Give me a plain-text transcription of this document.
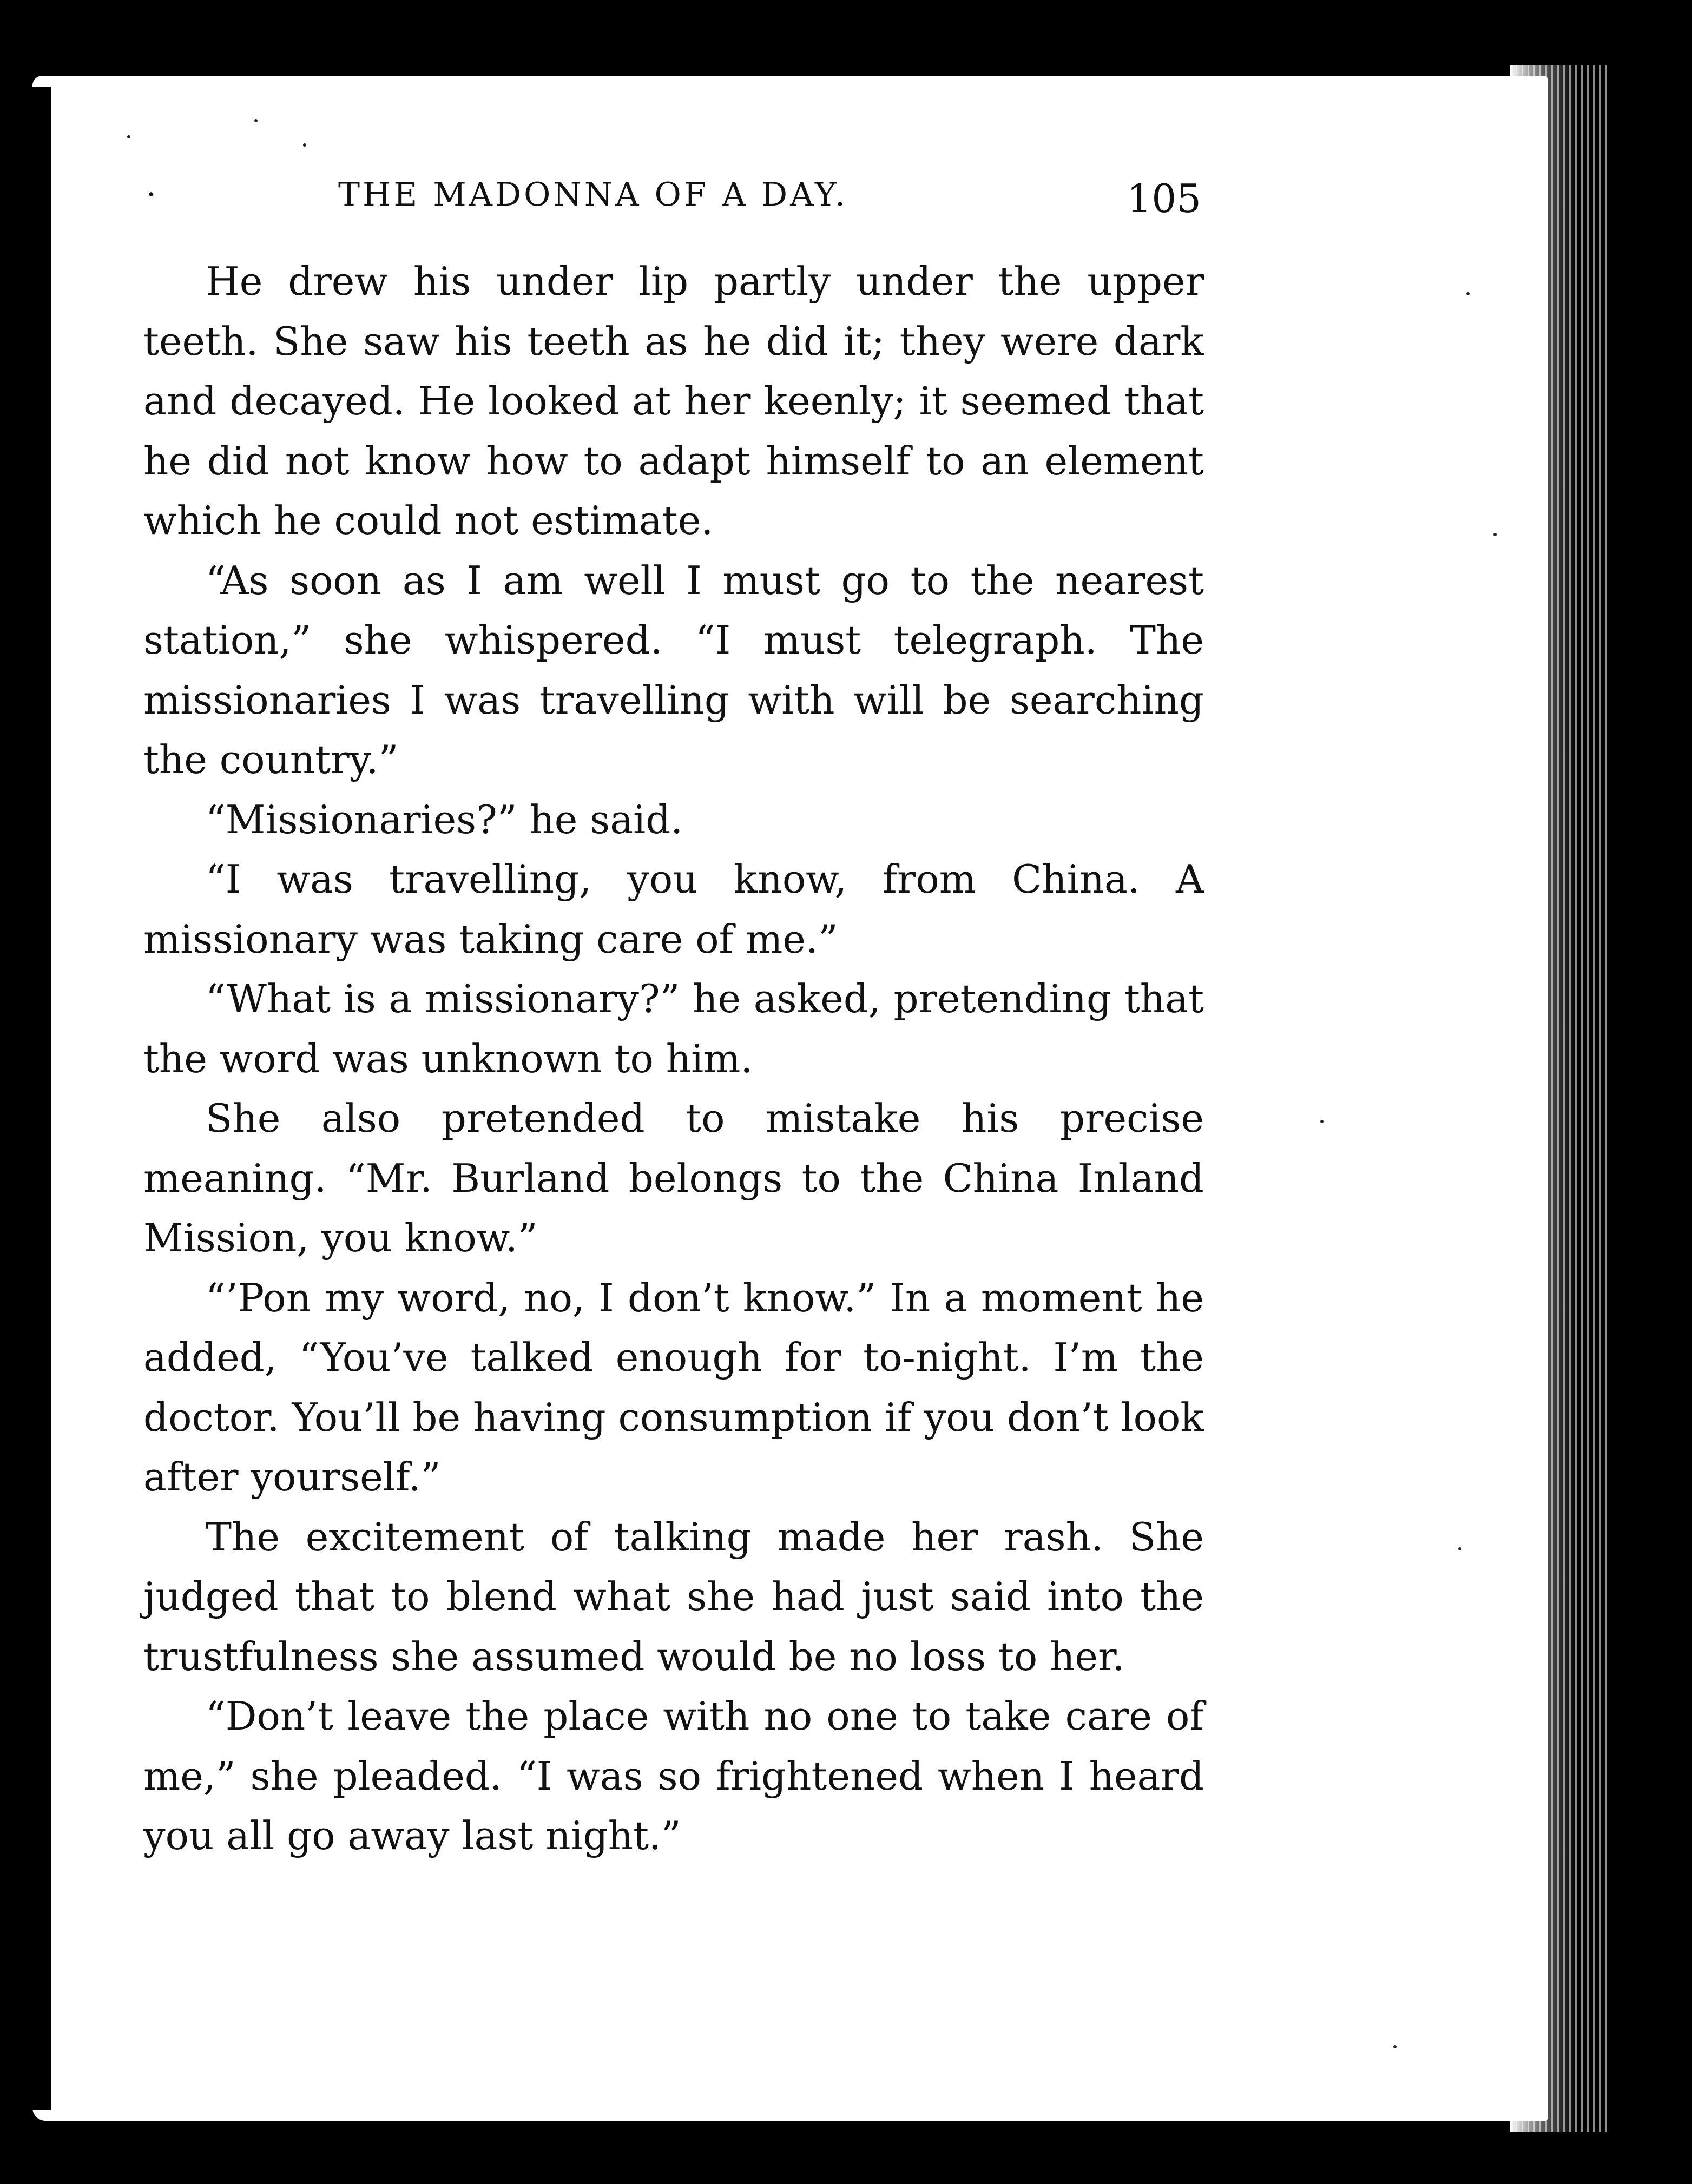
·	THE MADONNA OF A DAY.	105

He drew his under lip partly under the upper teeth. She saw his teeth as he did it; they were dark and decayed. He looked at her keenly; it seemed that he did not know how to adapt himself to an element which he could not estimate.

“As soon as I am well I must go to the nearest station,” she whispered. “I must telegraph. The missionaries I was travelling with will be searching the country.”

“Missionaries?” he said.

“I was travelling, you know, from China. A missionary was taking care of me.”

“What is a missionary?” he asked, pretending that the word was unknown to him.

She also pretended to mistake his precise meaning. “Mr. Burland belongs to the China Inland Mission, you know.”

“’Pon my word, no, I don’t know.” In a moment he added, “You’ve talked enough for to-night. I’m the doctor. You’ll be having consumption if you don’t look after yourself.”

The excitement of talking made her rash. She judged that to blend what she had just said into the trustfulness she assumed would be no loss to her.

“Don’t leave the place with no one to take care of me,” she pleaded. “I was so frightened when I heard you all go away last night.”
